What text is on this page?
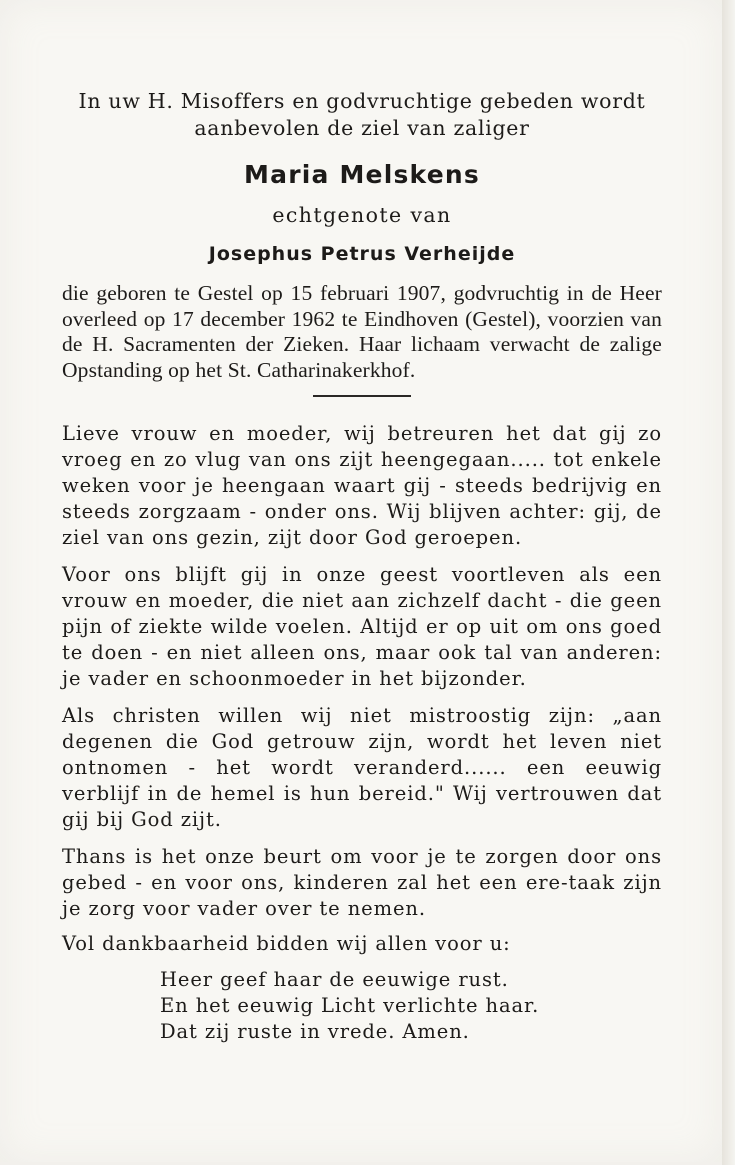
In uw H. Misoffers en godvruchtige gebeden wordt
aanbevolen de ziel van zaliger

Maria Melskens
echtgenote van
Josephus Petrus Verheijde

die geboren te Gestel op 15 februari 1907, godvruchtig in de Heer overleed op 17 december 1962 te Eindhoven (Gestel), voorzien van de H. Sacramenten der Zieken. Haar lichaam verwacht de zalige Opstanding op het St. Catharinakerkhof.

Lieve vrouw en moeder, wij betreuren het dat gij zo vroeg en zo vlug van ons zijt heengegaan..... tot enkele weken voor je heengaan waart gij - steeds bedrijvig en steeds zorgzaam - onder ons. Wij blijven achter: gij, de ziel van ons gezin, zijt door God geroepen.

Voor ons blijft gij in onze geest voortleven als een vrouw en moeder, die niet aan zichzelf dacht - die geen pijn of ziekte wilde voelen. Altijd er op uit om ons goed te doen - en niet alleen ons, maar ook tal van anderen: je vader en schoonmoeder in het bijzonder.

Als christen willen wij niet mistroostig zijn: „aan degenen die God getrouw zijn, wordt het leven niet ontnomen - het wordt veranderd...... een eeuwig verblijf in de hemel is hun bereid." Wij vertrouwen dat gij bij God zijt.

Thans is het onze beurt om voor je te zorgen door ons gebed - en voor ons, kinderen zal het een ere-taak zijn je zorg voor vader over te nemen.

Vol dankbaarheid bidden wij allen voor u:

Heer geef haar de eeuwige rust.
En het eeuwig Licht verlichte haar.
Dat zij ruste in vrede. Amen.
